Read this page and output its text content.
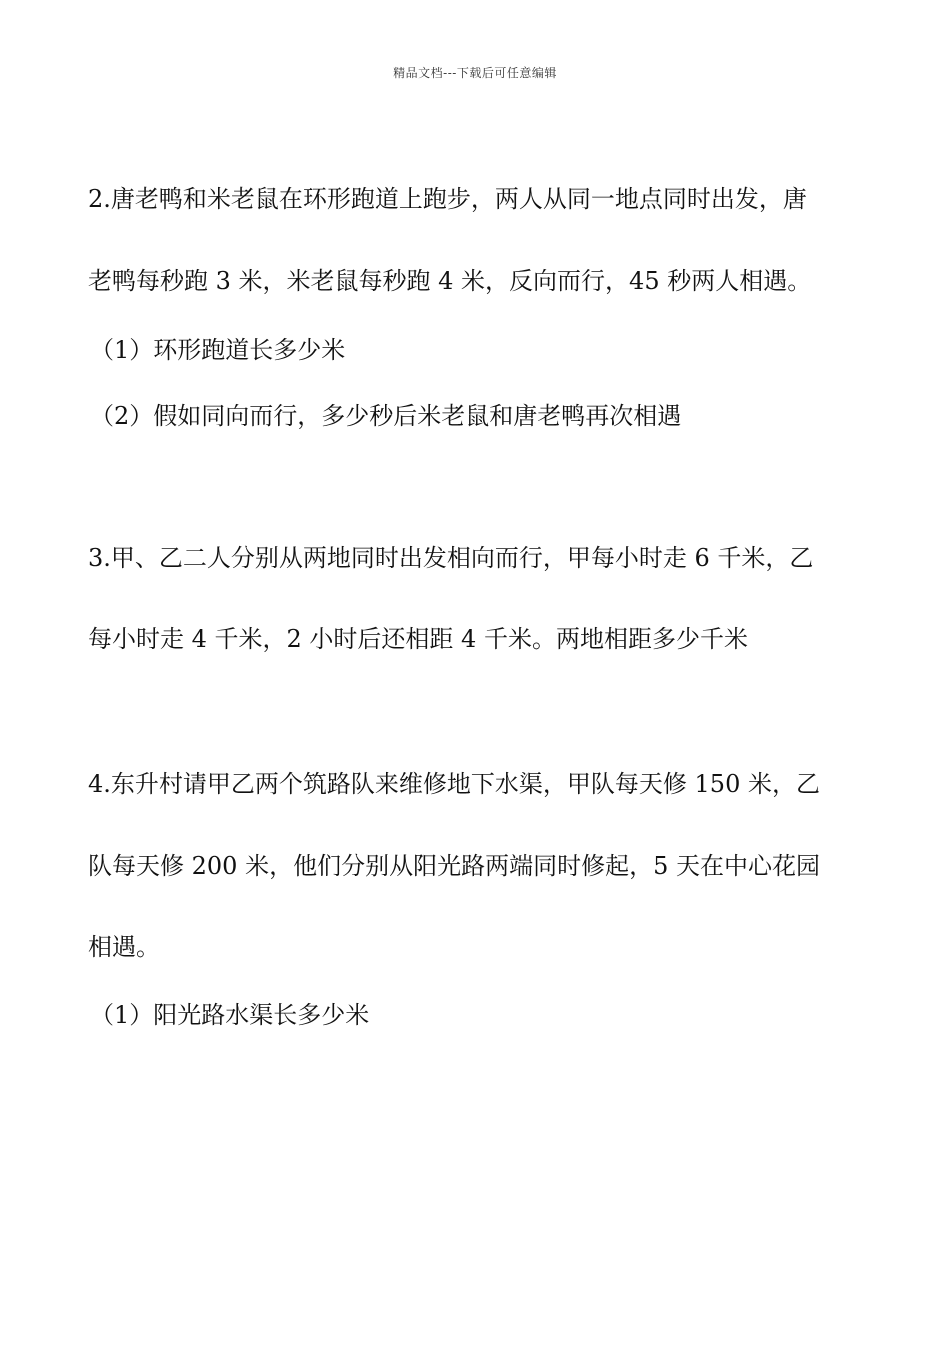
精品文档---下载后可任意编辑
2.唐老鸭和米老鼠在环形跑道上跑步，两人从同一地点同时出发，唐
老鸭每秒跑 3 米，米老鼠每秒跑 4 米，反向而行，45 秒两人相遇。
（1）环形跑道长多少米
（2）假如同向而行，多少秒后米老鼠和唐老鸭再次相遇
3.甲、乙二人分别从两地同时出发相向而行，甲每小时走 6 千米，乙
每小时走 4 千米，2 小时后还相距 4 千米。两地相距多少千米
4.东升村请甲乙两个筑路队来维修地下水渠，甲队每天修 150 米，乙
队每天修 200 米，他们分别从阳光路两端同时修起，5 天在中心花园
相遇。
（1）阳光路水渠长多少米
